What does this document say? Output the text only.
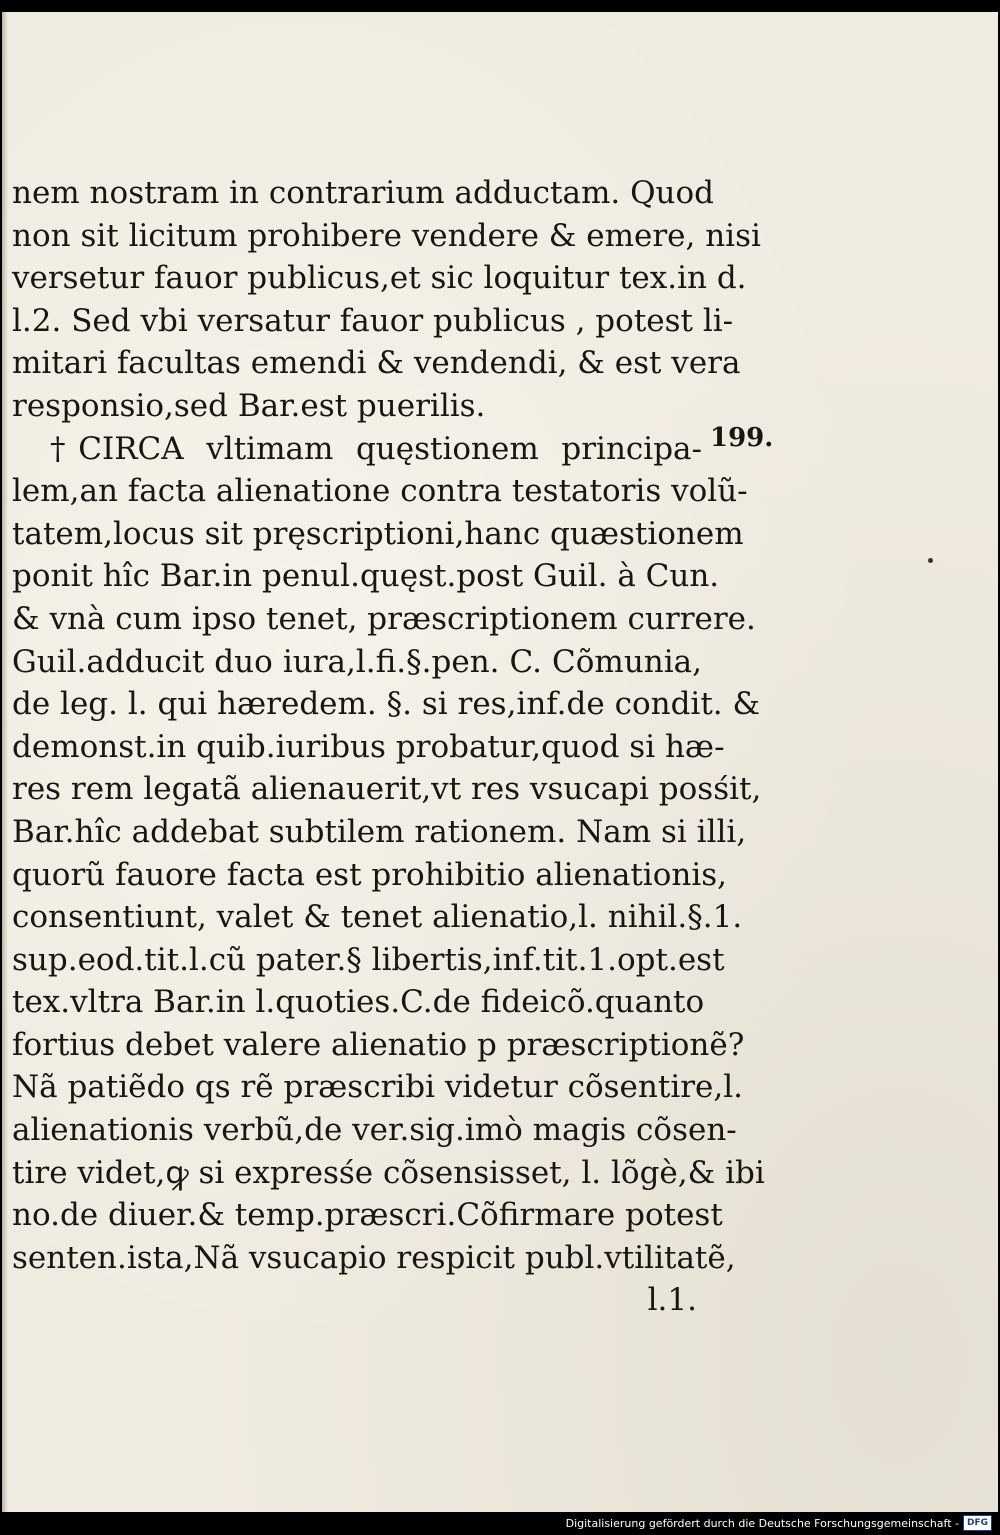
nem nostram in contrarium adductam. Quod
non sit licitum prohibere vendere & emere, nisi
versetur fauor publicus,et sic loquitur tex.in d.
l.2. Sed vbi versatur fauor publicus , potest li-
mitari facultas emendi & vendendi, & est vera
responsio,sed Bar.est puerilis.
†CIRCA vltimam quęstionem principa-
lem,an facta alienatione contra testatoris volũ-
tatem,locus sit pręscriptioni,hanc quæstionem
ponit hîc Bar.in penul.quęst.post Guil. à Cun.
& vnà cum ipso tenet, præscriptionem currere.
Guil.adducit duo iura,l.fi.§.pen. C. Cõmunia,
de leg. l. qui hæredem. §. si res,inf.de condit. &
demonst.in quib.iuribus probatur,quod si hæ-
res rem legatã alienauerit,vt res vsucapi posśit,
Bar.hîc addebat subtilem rationem. Nam si illi,
quorũ fauore facta est prohibitio alienationis,
consentiunt, valet & tenet alienatio,l. nihil.§.1.
sup.eod.tit.l.cũ pater.§ libertis,inf.tit.1.opt.est
tex.vltra Bar.in l.quoties.C.de fideicõ.quanto
fortius debet valere alienatio p præscriptionẽ?
Nã patiẽdo qs rẽ præscribi videtur cõsentire,l.
alienationis verbũ,de ver.sig.imò magis cõsen-
tire videt,ꝙ si expresśe cõsensisset, l. lõgè,& ibi
no.de diuer.& temp.præscri.Cõfirmare potest
senten.ista,Nã vsucapio respicit publ.vtilitatẽ,
l.1.
199.
Digitalisierung gefördert durch die Deutsche Forschungsgemeinschaft - DFG
